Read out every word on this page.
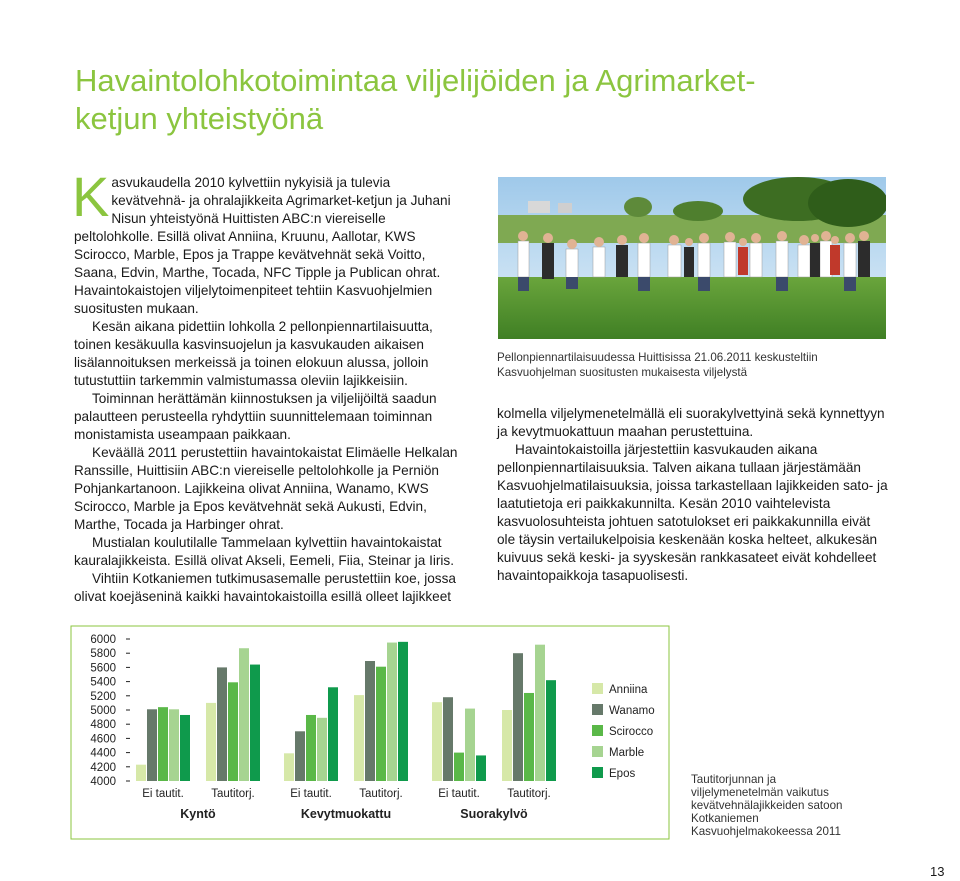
Havaintolohkotoimintaa viljelijöiden ja Agrimarket-ketjun yhteistyönä

Kasvukaudella 2010 kylvettiin nykyisiä ja tulevia kevätvehnä- ja ohralajikkeita Agrimarket-ketjun ja Juhani Nisun yhteistyönä Huittisten ABC:n viereiselle peltolohkolle. Esillä olivat Anniina, Kruunu, Aallotar, KWS Scirocco, Marble, Epos ja Trappe kevätvehnät sekä Voitto, Saana, Edvin, Marthe, Tocada, NFC Tipple ja Publican ohrat. Havaintokaistojen viljelytoimenpiteet tehtiin Kasvuohjelmien suositusten mukaan.

Kesän aikana pidettiin lohkolla 2 pellonpiennartilaisuutta, toinen kesäkuulla kasvinsuojelun ja kasvukauden aikaisen lisälannoituksen merkeissä ja toinen elokuun alussa, jolloin tutustuttiin tarkemmin valmistumassa oleviin lajikkeisiin.

Toiminnan herättämän kiinnostuksen ja viljelijöiltä saadun palautteen perusteella ryhdyttiin suunnittelemaan toiminnan monistamista useampaan paikkaan.

Keväällä 2011 perustettiin havaintokaistat Elimäelle Helkalan Ranssille, Huittisiin ABC:n viereiselle peltolohkolle ja Perniön Pohjankartanoon. Lajikkeina olivat Anniina, Wanamo, KWS Scirocco, Marble ja Epos kevätvehnät sekä Aukusti, Edvin, Marthe, Tocada ja Harbinger ohrat.

Mustialan koulutilalle Tammelaan kylvettiin havaintokaistat kauralajikkeista. Esillä olivat Akseli, Eemeli, Fiia, Steinar ja Iiris.

Vihtiin Kotkaniemen tutkimusasemalle perustettiin koe, jossa olivat koejäseninä kaikki havaintokaistoilla esillä olleet lajikkeet

Pellonpiennartilaisuudessa Huittisissa 21.06.2011 keskusteltiin Kasvuohjelman suositusten mukaisesta viljelystä

kolmella viljelymenetelmällä eli suorakylvettyinä sekä kynnettyyn ja kevytmuokattuun maahan perustettuina.

Havaintokaistoilla järjestettiin kasvukauden aikana pellonpiennartilaisuuksia. Talven aikana tullaan järjestämään Kasvuohjelmatilaisuuksia, joissa tarkastellaan lajikkeiden sato- ja laatutietoja eri paikkakunnilta. Kesän 2010 vaihtelevista kasvuolosuhteista johtuen satotulokset eri paikkakunnilla eivät ole täysin vertailukelpoisia keskenään koska helteet, alkukesän kuivuus sekä keski- ja syyskesän rankkasateet eivät kohdelleet havaintopaikkoja tasapuolisesti.

4000
4200
4400
4600
4800
5000
5200
5400
5600
5800
6000
Ei tautit. Tautitorj.
Kyntö
Ei tautit. Tautitorj.
Kevytmuokattu
Ei tautit. Tautitorj.
Suorakylvö
Anniina
Wanamo
Scirocco
Marble
Epos	Tautitorjunnan ja viljelymenetelmän vaikutus kevätvehnälajikkeiden satoon Kotkaniemen Kasvuohjelmakokeessa 2011
13
